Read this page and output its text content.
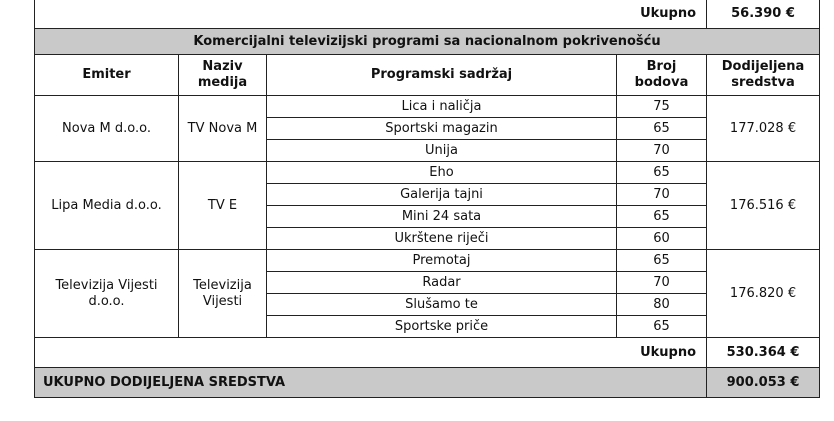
Ukupno				56.390 €
Komercijalni televizijski programi sa nacionalnom pokrivenošću				
Emiter	Naziv medija	Programski sadržaj	Broj bodova	Dodijeljena sredstva
Nova M d.o.o.	TV Nova M	Lica i naličja	75	177.028 €
		Sportski magazin	65	
		Unija	70	
Lipa Media d.o.o.	TV E	Eho	65	176.516 €
		Galerija tajni	70	
		Mini 24 sata	65	
		Ukrštene riječi	60	
Televizija Vijesti d.o.o.	Televizija Vijesti	Premotaj	65	176.820 €
		Radar	70	
		Slušamo te	80	
		Sportske priče	65	
Ukupno				530.364 €
UKUPNO DODIJELJENA SREDSTVA				900.053 €
